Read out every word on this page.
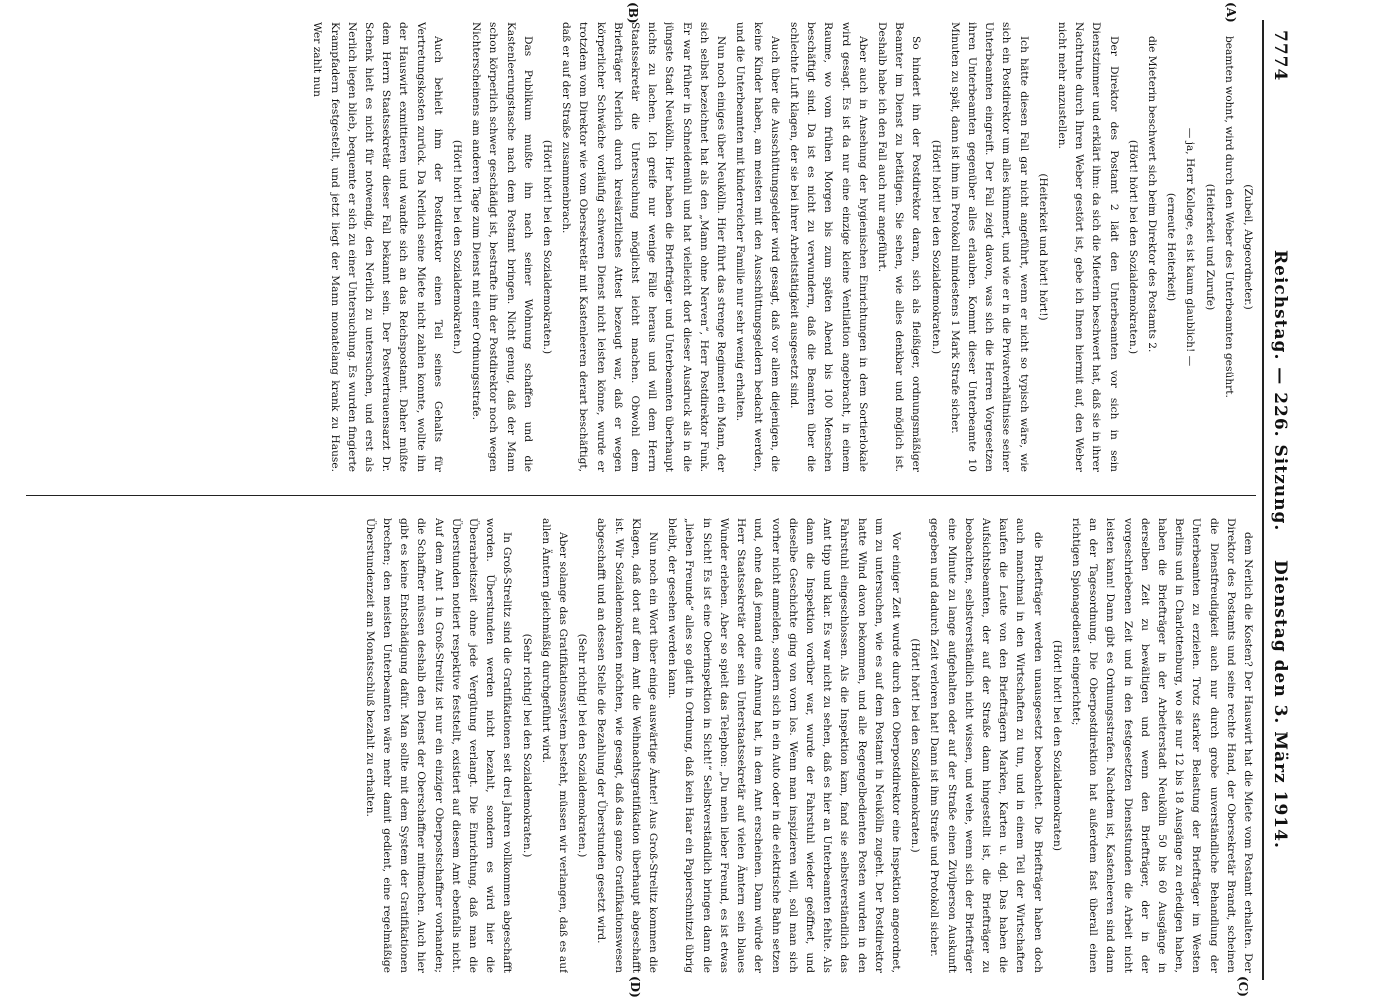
7774
Reichstag. — 226. Sitzung.
Dienstag den 3. März 1914.
(A)
(B)
(C)
(D)

(Zubeil, Abgeordneter.)

beamten wohnt, wird durch den Weber des Unterbeamten gesührt.

(Heiterkeit und Zurufe)

— ja, Herr Kollege, es ist kaum glaublich! —

(erneute Heiterkeit)

die Mieterin beschwert sich beim Direktor des Postamts 2.

(Hört! hört! bei den Sozialdemokraten.)

Der Direktor des Postamt 2 lädt den Unterbeamten vor sich in sein Dienstzimmer und erklärt ihm: da sich die Mieterin beschwert hat, daß sie in ihrer Nachtruhe durch Ihren Weber gestört ist, gebe ich Ihnen hiermit auf, den Weber nicht mehr anzustellen.

(Heiterkeit und hört! hört!)

Ich hätte diesen Fall gar nicht angeführt, wenn er nicht so typisch wäre, wie sich ein Postdirektor um alles kümmert, und wie er in die Privatverhältnisse seiner Unterbeamten eingreift. Der Fall zeigt davon, was sich die Herren Vorgesetzen ihren Unterbeamten gegenüber alles erlauben. Kommt dieser Unterbeamte 10 Minuten zu spät, dann ist ihm im Protokoll mindestens 1 Mark Strafe sicher.

(Hört! hört! bei den Sozialdemokraten.)

So hindert ihn der Postdirektor daran, sich als fleißiger, ordnungsmäßiger Beamter im Dienst zu betätigen. Sie sehen, wie alles denkbar und möglich ist. Deshalb habe ich den Fall auch nur angeführt.

Aber auch in Ansehung der hygienischen Einrichtungen in dem Sortierlokale wird gesagt. Es ist da nur eine einzige kleine Ventilation angebracht, in einem Raume, wo vom frühen Morgen bis zum späten Abend bis 100 Menschen beschäftigt sind. Da ist es nicht zu verwundern, daß die Beamten über die schlechte Luft klagen, der sie bei ihrer Arbeitstätigkeit ausgesetzt sind.

Auch über die Ausschüttungsgelder wird gesagt, daß vor allem diejenigen, die keine Kinder haben, am meisten mit den Ausschüttungsgeldern bedacht werden, und die Unterbeamten mit kinderreicher Familie nur sehr wenig erhalten.

Nun noch einiges über Neukölln. Hier führt das strenge Regiment ein Mann, der sich selbst bezeichnet hat als den „Mann ohne Nerven“, Herr Postdirektor Funk. Er war früher in Schneidemühl und hat vielleicht dort dieser Ausdruck als in die jüngste Stadt Neukölln. Hier haben die Briefträger und Unterbeamten überhaupt nichts zu lachen. Ich greife nur wenige Fälle heraus und will dem Herrn Staatssekretär die Untersuchung möglichst leicht machen. Obwohl dem Briefträger Nerlich durch kreisärztliches Attest bezeugt war, daß er wegen körperlicher Schwäche vorläufig schweren Dienst nicht leisten könne, wurde er trotzdem vom Direktor wie vom Obersekretär mit Kastenleeren derart beschäftigt, daß er auf der Straße zusammenbrach.

(Hört! hört! bei den Sozialdemokraten.)

Das Publikum mußte ihn nach seiner Wohnung schaffen und die Kastenleerungstasche nach dem Postamt bringen. Nicht genug, daß der Mann schon körperlich schwer geschädigt ist, bestrafte ihn der Postdirektor noch wegen Nichterscheinens am anderen Tage zum Dienst mit einer Ordnungsstrafe.

(Hört! hört! bei den Sozialdemokraten.)

Auch behielt ihm der Postdirektor einen Teil seines Gehalts für Vertretungskosten zurück. Da Nerlich seine Miete nicht zahlen konnte, wollte ihn der Hauswirt exmittieren und wandte sich an das Reichspostamt. Daher müßte dem Herrn Staatssekretär dieser Fall bekannt sein. Der Postvertrauensarzt Dr. Schenk hielt es nicht für notwendig, den Nerlich zu untersuchen, und erst als Nerlich liegen blieb, bequemte er sich zu einer Untersuchung. Es wurden fingierte Krampfadern festgestellt, und jetzt liegt der Mann monatelang krank zu Hause. Wer zahlt nun

dem Nerlich die Kosten? Der Hauswirt hat die Miete vom Postamt erhalten. Der Direktor des Postamts und seine rechte Hand, der Obersekretär Brandt, scheinen die Dienstfreudigkeit auch nur durch grobe unverständliche Behandlung der Unterbeamten zu erzielen. Trotz starker Belastung der Briefträger im Westen Berlins und in Charlottenburg, wo sie nur 12 bis 18 Ausgänge zu erledigen haben, haben die Briefträger in der Arbeiterstadt Neukölln 50 bis 60 Ausgänge in derselben Zeit zu bewältigen und wenn den Briefträger, der in der vorgeschriebenen Zeit und in den festgesetzten Dienststunden die Arbeit nicht leisten kann! Dann gibt es Ordnungsstrafen. Nachdem ist, Kastenleeren sind dann an der Tagesordnung. Die Oberpostdirektion hat außerdem fast überall einen richtigen Spionagedienst eingerichtet;

(Hört! hört! bei den Sozialdemokraten)

die Briefträger werden unausgesetzt beobachtet. Die Briefträger haben doch auch manchmal in den Wirtschaften zu tun, und in einem Teil der Wirtschaften kaufen die Leute von den Briefträgern Marken, Karten u. dgl. Das haben die Aufsichtsbeamten, der auf der Straße dann hingestellt ist, die Briefträger zu beobachten, selbstverständlich nicht wissen, und wehe, wenn sich der Briefträger eine Minute zu lange aufgehalten oder auf der Straße einen Zivilperson Auskunft gegeben und dadurch Zeit verloren hat! Dann ist ihm Strafe und Protokoll sicher.

(Hört! hört! bei den Sozialdemokraten.)

Vor einiger Zeit wurde durch den Oberpostdirektor eine Inspektion angeordnet, um zu untersuchen, wie es auf dem Postamt in Neukölln zugeht. Der Postdirektor hatte Wind davon bekommen, und alle Regengelbedienten Posten wurden in den Fahrstuhl eingeschlossen. Als die Inspektion kam, fand sie selbstverständlich das Amt tipp und klar. Es war nicht zu sehen, daß es hier an Unterbeamten fehlte. Als dann die Inspektion vorüber war, wurde der Fahrstuhl wieder geöffnet, und dieselbe Geschichte ging von vorn los. Wenn man inspizieren will, soll man sich vorher nicht anmelden, sondern sich in ein Auto oder in die elektrische Bahn setzen und, ohne daß jemand eine Ahnung hat, in dem Amt erscheinen. Dann würde der Herr Staatssekretär oder sein Unterstaatssekretär auf vielen Ämtern sein blaues Wunder erleben. Aber so spielt das Telephon: „Du mein lieber Freund, es ist etwas in Sicht! Es ist eine Oberinspektion in Sicht!“ Selbstverständlich bringen dann die „lieben Freunde“ alles so glatt in Ordnung, daß kein Haar ein Papierschnitzel übrig bleibt, der gesehen werden kann.

Nun noch ein Wort über einige auswärtige Ämter! Aus Groß-Strelitz kommen die Klagen, daß dort auf dem Amt die Weihnachtsgratifikation überhaupt abgeschafft ist. Wir Sozialdemokraten möchten, wie gesagt, daß das ganze Gratifikationswesen abgeschafft und an dessen Stelle die Bezahlung der Überstunden gesetzt wird.

(Sehr richtig! bei den Sozialdemokraten.)

Aber solange das Gratifikationssystem besteht, müssen wir verlangen, daß es auf allen Ämtern gleichmäßig durchgeführt wird.

(Sehr richtig! bei den Sozialdemokraten.)

In Groß-Strelitz sind die Gratifikationen seit drei Jahren vollkommen abgeschafft worden. Überstunden werden nicht bezahlt, sondern es wird hier die Überarbeitszeit ohne jede Vergütung verlangt. Die Einrichtung, daß man die Überstunden notiert respektive feststellt, existiert auf diesem Amt ebenfalls nicht. Auf dem Amt 1 in Groß-Strelitz ist nur ein einziger Oberpostschaffner vorhanden; die Schaffner müssen deshalb den Dienst der Oberschaffner mitmachen. Auch hier gibt es keine Entschädigung dafür. Man sollte mit dem System der Gratifikationen brechen; den meisten Unterbeamten wäre mehr damit gedient, eine regelmäßige Überstundenzeit am Monatsschluß bezahlt zu erhalten.
